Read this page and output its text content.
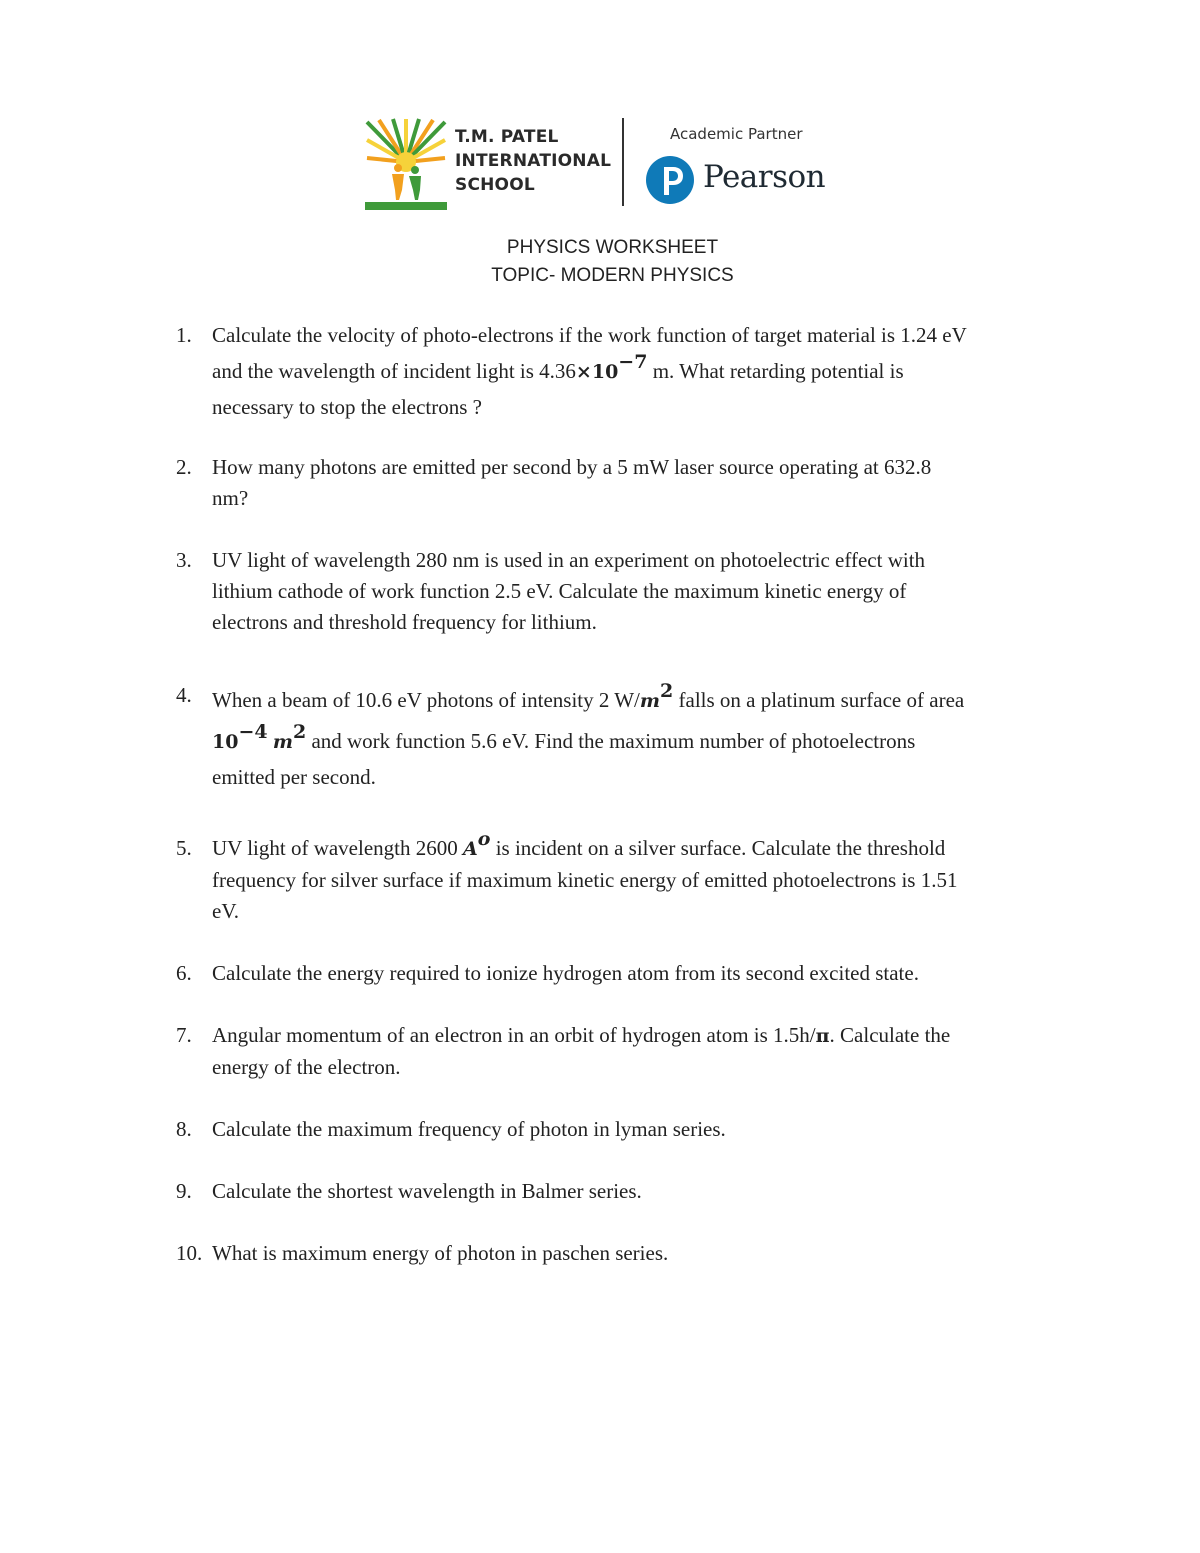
T.M. PATEL
INTERNATIONAL
SCHOOL
Academic Partner
Pearson
PHYSICS WORKSHEET
TOPIC- MODERN PHYSICS
1. Calculate the velocity of photo-electrons if the work function of target material is 1.24 eV
and the wavelength of incident light is $4.36\times 10^{-7}$ m. What retarding potential is
necessary to stop the electrons ?
2. How many photons are emitted per second by a 5 mW laser source operating at 632.8
nm?
3. UV light of wavelength 280 nm is used in an experiment on photoelectric effect with
lithium cathode of work function 2.5 eV. Calculate the maximum kinetic energy of
electrons and threshold frequency for lithium.
4. When a beam of 10.6 eV photons of intensity 2 $W/m^2$ falls on a platinum surface of area
$10^{-4}$ $m^2$ and work function 5.6 eV. Find the maximum number of photoelectrons
emitted per second.
5. UV light of wavelength 2600 $A^o$ is incident on a silver surface. Calculate the threshold
frequency for silver surface if maximum kinetic energy of emitted photoelectrons is 1.51
eV.
6. Calculate the energy required to ionize hydrogen atom from its second excited state.
7. Angular momentum of an electron in an orbit of hydrogen atom is 1.5h/π. Calculate the
energy of the electron.
8. Calculate the maximum frequency of photon in lyman series.
9. Calculate the shortest wavelength in Balmer series.
10. What is maximum energy of photon in paschen series.
